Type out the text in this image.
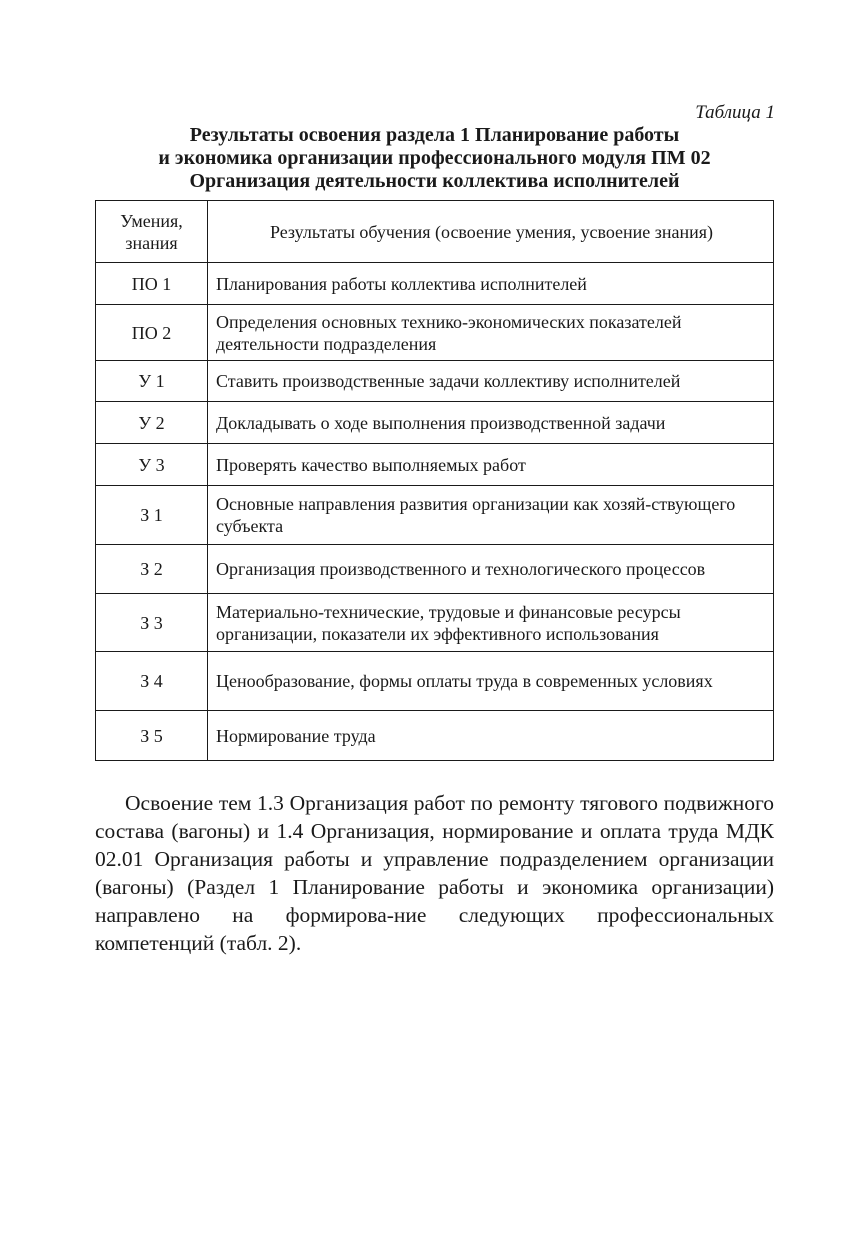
Таблица 1
Результаты освоения раздела 1 Планирование работы
и экономика организации профессионального модуля ПМ 02
Организация деятельности коллектива исполнителей
Умения, знания	Результаты обучения (освоение умения, усвоение знания)
ПО 1	Планирования работы коллектива исполнителей
ПО 2	Определения основных технико-экономических показателей деятельности подразделения
У 1	Ставить производственные задачи коллективу исполнителей
У 2	Докладывать о ходе выполнения производственной задачи
У 3	Проверять качество выполняемых работ
З 1	Основные направления развития организации как хозяй-ствующего субъекта
З 2	Организация производственного и технологического процессов
З 3	Материально-технические, трудовые и финансовые ресурсы организации, показатели их эффективного использования
З 4	Ценообразование, формы оплаты труда в современных условиях
З 5	Нормирование труда
Освоение тем 1.3 Организация работ по ремонту тягового подвижного состава (вагоны) и 1.4 Организация, нормирование и оплата труда МДК 02.01 Организация работы и управление подразделением организации (вагоны) (Раздел 1 Планирование работы и экономика организации) направлено на формирова-ние следующих профессиональных компетенций (табл. 2).
